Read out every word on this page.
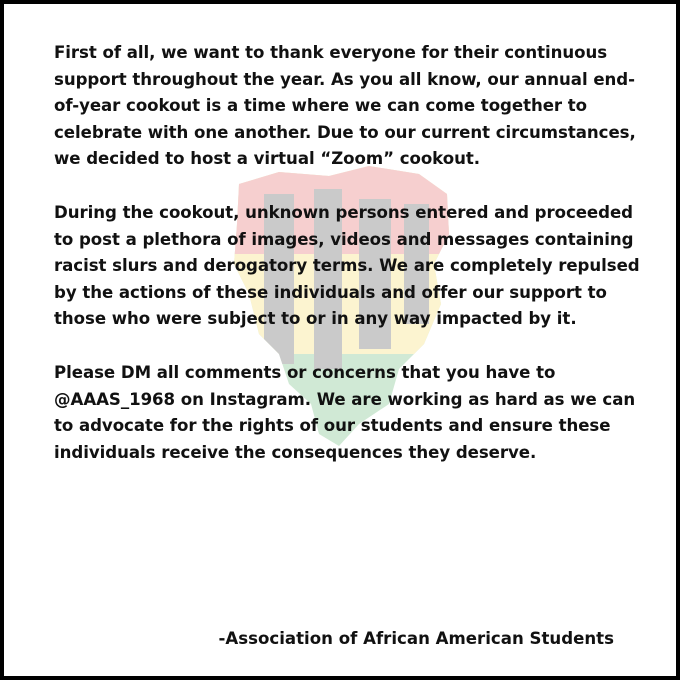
First of all, we want to thank everyone for their continuous support throughout the year. As you all know, our annual end-of-year cookout is a time where we can come together to celebrate with one another. Due to our current circumstances, we decided to host a virtual “Zoom” cookout.

During the cookout, unknown persons entered and proceeded to post a plethora of images, videos and messages containing racist slurs and derogatory terms. We are completely repulsed by the actions of these individuals and offer our support to those who were subject to or in any way impacted by it.

Please DM all comments or concerns that you have to @AAAS_1968 on Instagram. We are working as hard as we can to advocate for the rights of our students and ensure these individuals receive the consequences they deserve.

-Association of African American Students
